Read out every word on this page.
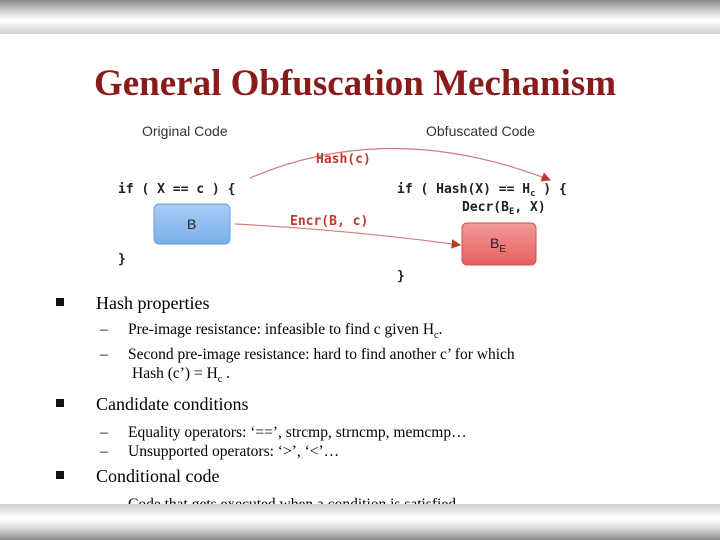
General Obfuscation Mechanism
Original Code	Obfuscated Code
Hash(c)
if ( X == c ) {	if ( Hash(X) == $H_c$ ) {
$Decr(B_E$, X)
B	Encr(B, c)
$B_E$
}
}
Hash properties
– Pre-image resistance: infeasible to find c given $H_c$.
– Second pre-image resistance: hard to find another c’ for which
Hash (c’) = $H_c$ .
Candidate conditions
– Equality operators: ‘==’, strcmp, strncmp, memcmp…
– Unsupported operators: ‘>’, ‘<’…
Conditional code
